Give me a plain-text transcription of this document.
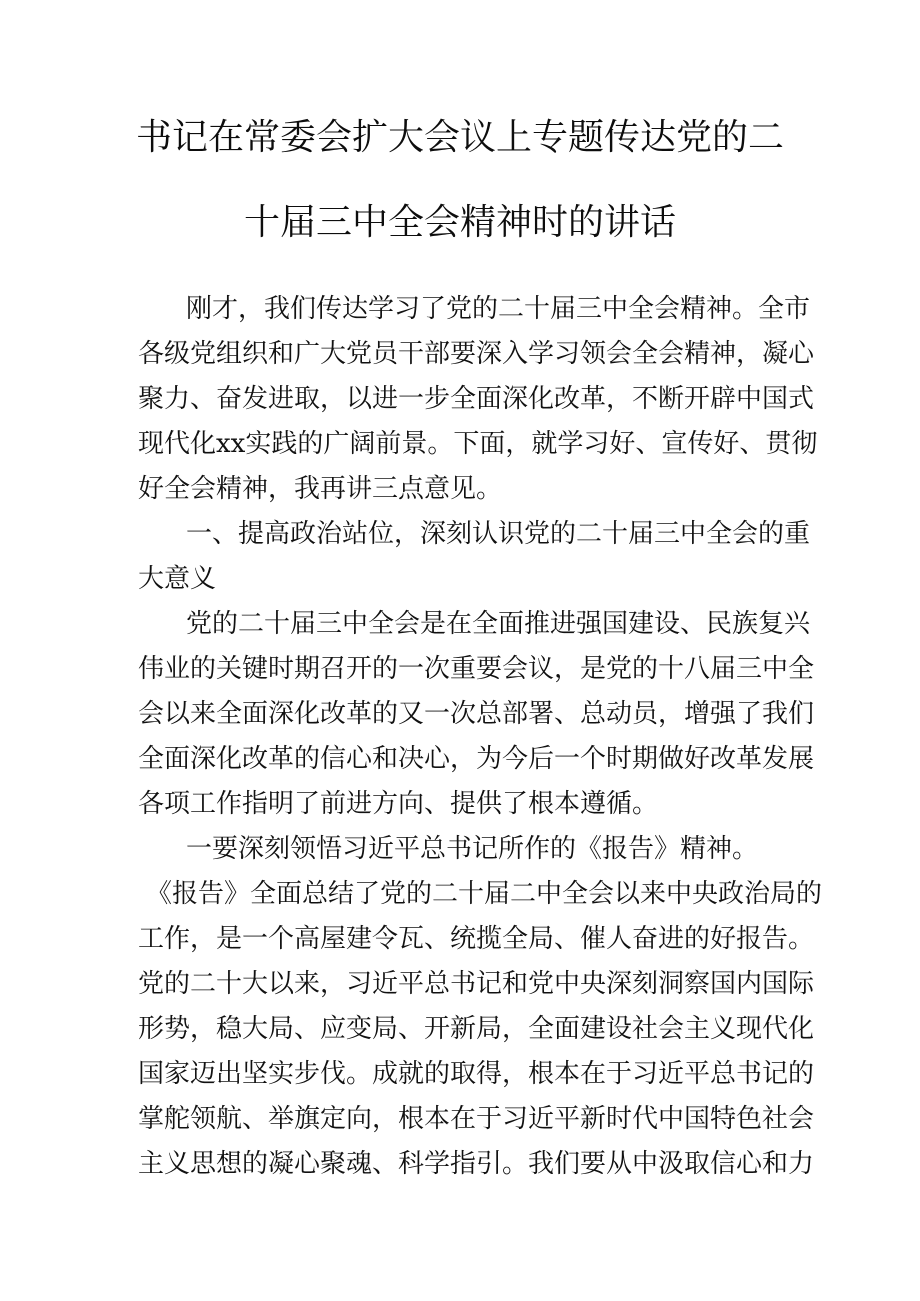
书记在常委会扩大会议上专题传达党的二
十届三中全会精神时的讲话

刚才，我们传达学习了党的二十届三中全会精神。全市

各级党组织和广大党员干部要深入学习领会全会精神，凝心

聚力、奋发进取，以进一步全面深化改革，不断开辟中国式

现代化xx实践的广阔前景。下面，就学习好、宣传好、贯彻

好全会精神，我再讲三点意见。

一、提高政治站位，深刻认识党的二十届三中全会的重

大意义

党的二十届三中全会是在全面推进强国建设、民族复兴

伟业的关键时期召开的一次重要会议，是党的十八届三中全

会以来全面深化改革的又一次总部署、总动员，增强了我们

全面深化改革的信心和决心，为今后一个时期做好改革发展

各项工作指明了前进方向、提供了根本遵循。

一要深刻领悟习近平总书记所作的《报告》精神。

《报告》全面总结了党的二十届二中全会以来中央政治局的

工作，是一个高屋建令瓦、统揽全局、催人奋进的好报告。

党的二十大以来，习近平总书记和党中央深刻洞察国内国际

形势，稳大局、应变局、开新局，全面建设社会主义现代化

国家迈出坚实步伐。成就的取得，根本在于习近平总书记的

掌舵领航、举旗定向，根本在于习近平新时代中国特色社会

主义思想的凝心聚魂、科学指引。我们要从中汲取信心和力
